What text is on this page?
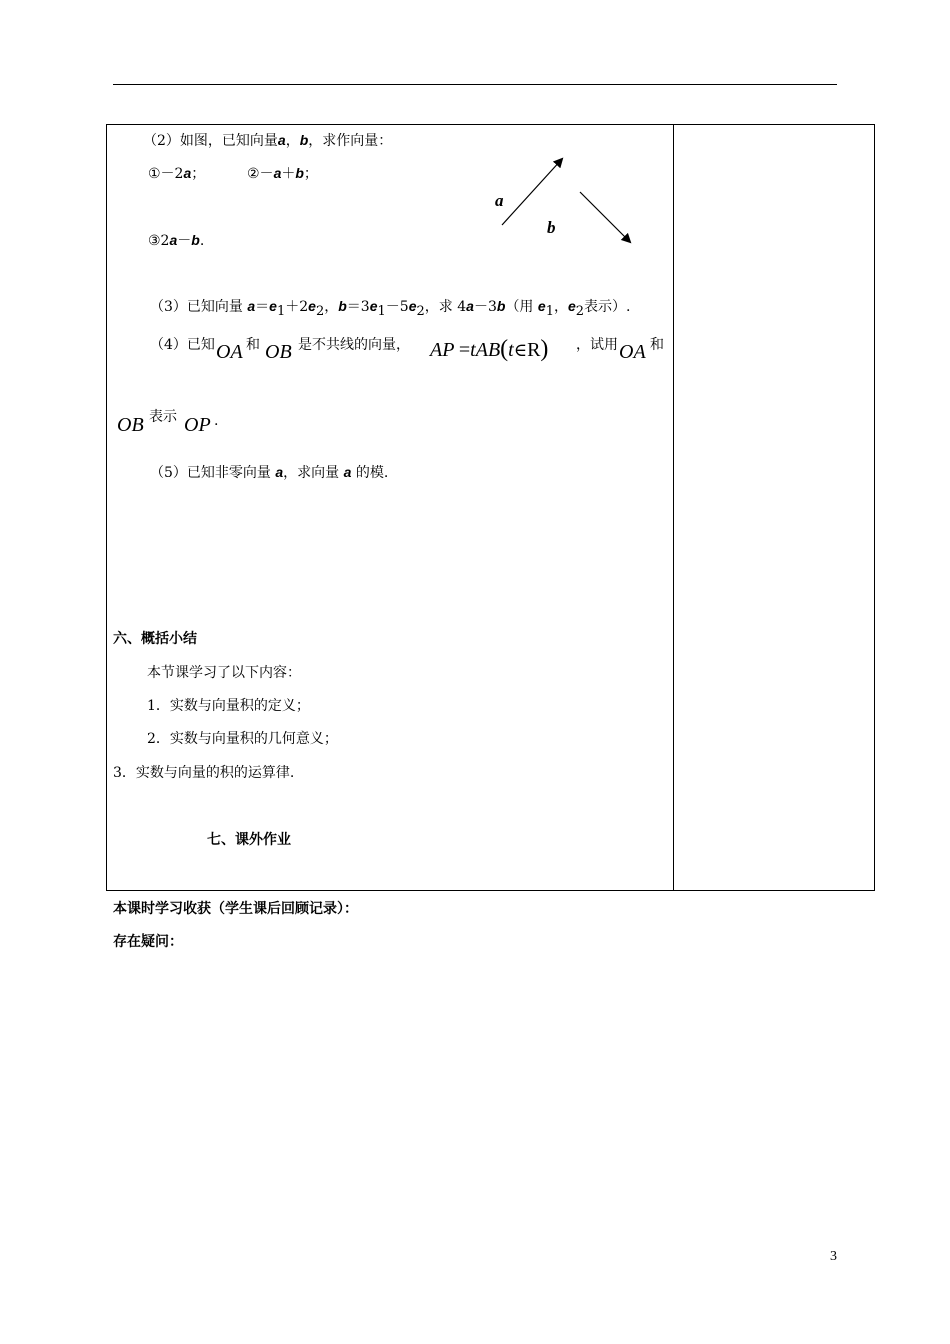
（2）如图，已知向量a，b，求作向量：
①－2a；	②－a＋b；
③2a－b.
a
b
（3）已知向量 $a=e_1+2e_2$，$b=3e_1-5e_2$，求 4a－3b（用 $e_1$，$e_2$表示）.
（4）已知 OA 和 OB 是不共线的向量， AP =tAB(t∈R) ，试用 OA 和
OB 表示 OP .
（5）已知非零向量 a，求向量 a 的模.
六、概括小结
本节课学习了以下内容：
1．实数与向量积的定义；
2．实数与向量积的几何意义；
3．实数与向量的积的运算律.
七、课外作业
本课时学习收获（学生课后回顾记录）：
存在疑问：
3
